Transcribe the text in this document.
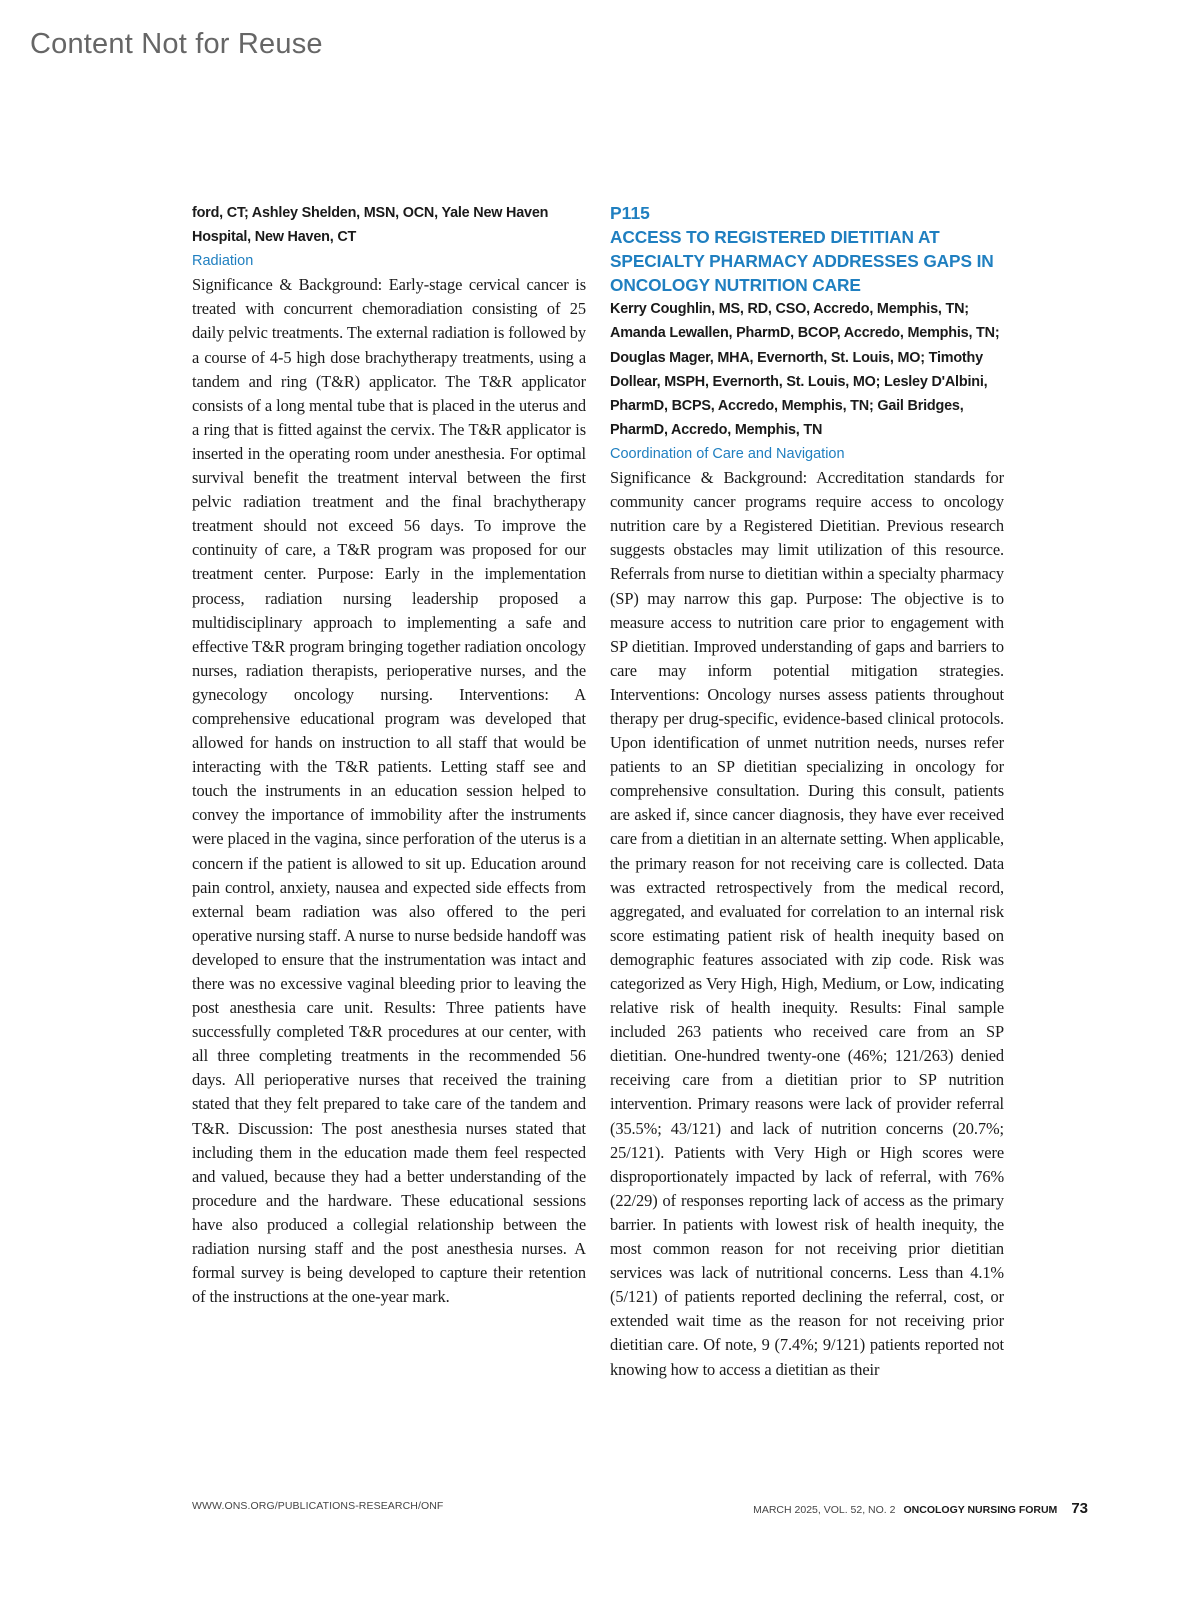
Content Not for Reuse

ford, CT; Ashley Shelden, MSN, OCN, Yale New Haven Hospital, New Haven, CT

Radiation

Significance & Background: Early-stage cervical cancer is treated with concurrent chemoradiation consisting of 25 daily pelvic treatments. The external radiation is followed by a course of 4-5 high dose brachytherapy treatments, using a tandem and ring (T&R) applicator. The T&R applicator consists of a long mental tube that is placed in the uterus and a ring that is fitted against the cervix. The T&R applicator is inserted in the operating room under anesthesia. For optimal survival benefit the treatment interval between the first pelvic radiation treatment and the final brachytherapy treatment should not exceed 56 days. To improve the continuity of care, a T&R program was proposed for our treatment center. Purpose: Early in the implementation process, radiation nursing leadership proposed a multidisciplinary approach to implementing a safe and effective T&R program bringing together radiation oncology nurses, radiation therapists, perioperative nurses, and the gynecology oncology nursing. Interventions: A comprehensive educational program was developed that allowed for hands on instruction to all staff that would be interacting with the T&R patients. Letting staff see and touch the instruments in an education session helped to convey the importance of immobility after the instruments were placed in the vagina, since perforation of the uterus is a concern if the patient is allowed to sit up. Education around pain control, anxiety, nausea and expected side effects from external beam radiation was also offered to the peri operative nursing staff. A nurse to nurse bedside handoff was developed to ensure that the instrumentation was intact and there was no excessive vaginal bleeding prior to leaving the post anesthesia care unit. Results: Three patients have successfully completed T&R procedures at our center, with all three completing treatments in the recommended 56 days. All perioperative nurses that received the training stated that they felt prepared to take care of the tandem and T&R. Discussion: The post anesthesia nurses stated that including them in the education made them feel respected and valued, because they had a better understanding of the procedure and the hardware. These educational sessions have also produced a collegial relationship between the radiation nursing staff and the post anesthesia nurses. A formal survey is being developed to capture their retention of the instructions at the one-year mark.

P115

ACCESS TO REGISTERED DIETITIAN AT SPECIALTY PHARMACY ADDRESSES GAPS IN ONCOLOGY NUTRITION CARE

Kerry Coughlin, MS, RD, CSO, Accredo, Memphis, TN; Amanda Lewallen, PharmD, BCOP, Accredo, Memphis, TN; Douglas Mager, MHA, Evernorth, St. Louis, MO; Timothy Dollear, MSPH, Evernorth, St. Louis, MO; Lesley D'Albini, PharmD, BCPS, Accredo, Memphis, TN; Gail Bridges, PharmD, Accredo, Memphis, TN

Coordination of Care and Navigation

Significance & Background: Accreditation standards for community cancer programs require access to oncology nutrition care by a Registered Dietitian. Previous research suggests obstacles may limit utilization of this resource. Referrals from nurse to dietitian within a specialty pharmacy (SP) may narrow this gap. Purpose: The objective is to measure access to nutrition care prior to engagement with SP dietitian. Improved understanding of gaps and barriers to care may inform potential mitigation strategies. Interventions: Oncology nurses assess patients throughout therapy per drug-specific, evidence-based clinical protocols. Upon identification of unmet nutrition needs, nurses refer patients to an SP dietitian specializing in oncology for comprehensive consultation. During this consult, patients are asked if, since cancer diagnosis, they have ever received care from a dietitian in an alternate setting. When applicable, the primary reason for not receiving care is collected. Data was extracted retrospectively from the medical record, aggregated, and evaluated for correlation to an internal risk score estimating patient risk of health inequity based on demographic features associated with zip code. Risk was categorized as Very High, High, Medium, or Low, indicating relative risk of health inequity. Results: Final sample included 263 patients who received care from an SP dietitian. One-hundred twenty-one (46%; 121/263) denied receiving care from a dietitian prior to SP nutrition intervention. Primary reasons were lack of provider referral (35.5%; 43/121) and lack of nutrition concerns (20.7%; 25/121). Patients with Very High or High scores were disproportionately impacted by lack of referral, with 76% (22/29) of responses reporting lack of access as the primary barrier. In patients with lowest risk of health inequity, the most common reason for not receiving prior dietitian services was lack of nutritional concerns. Less than 4.1% (5/121) of patients reported declining the referral, cost, or extended wait time as the reason for not receiving prior dietitian care. Of note, 9 (7.4%; 9/121) patients reported not knowing how to access a dietitian as their

WWW.ONS.ORG/PUBLICATIONS-RESEARCH/ONF	MARCH 2025, VOL. 52, NO. 2 ONCOLOGY NURSING FORUM 73
